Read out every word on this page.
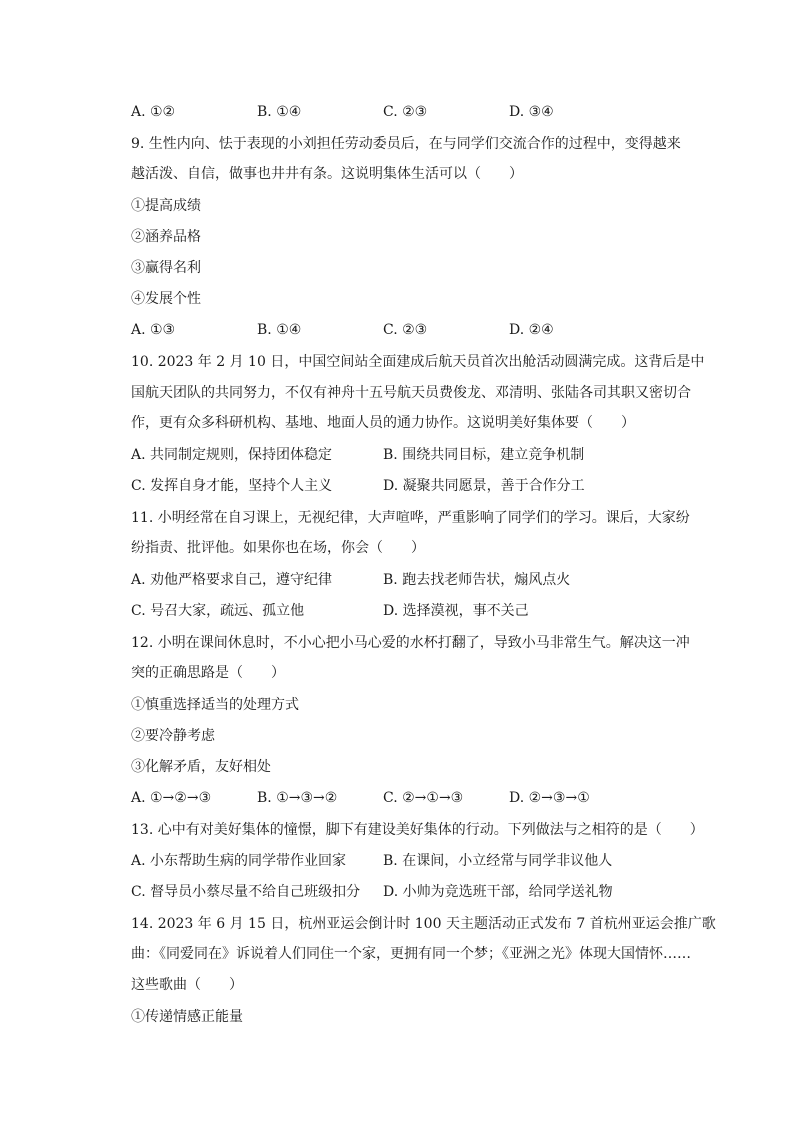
A. ①②	B. ①④	C. ②③	D. ③④
9. 生性内向、怯于表现的小刘担任劳动委员后，在与同学们交流合作的过程中，变得越来
越活泼、自信，做事也井井有条。这说明集体生活可以（　　）
①提高成绩
②涵养品格
③赢得名利
④发展个性
A. ①③	B. ①④	C. ②③	D. ②④
10. 2023 年 2 月 10 日，中国空间站全面建成后航天员首次出舱活动圆满完成。这背后是中
国航天团队的共同努力，不仅有神舟十五号航天员费俊龙、邓清明、张陆各司其职又密切合
作，更有众多科研机构、基地、地面人员的通力协作。这说明美好集体要（　　）
A. 共同制定规则，保持团体稳定	B. 围绕共同目标，建立竞争机制
C. 发挥自身才能，坚持个人主义	D. 凝聚共同愿景，善于合作分工
11. 小明经常在自习课上，无视纪律，大声喧哗，严重影响了同学们的学习。课后，大家纷
纷指责、批评他。如果你也在场，你会（　　）
A. 劝他严格要求自己，遵守纪律	B. 跑去找老师告状，煽风点火
C. 号召大家，疏远、孤立他	D. 选择漠视，事不关己
12. 小明在课间休息时，不小心把小马心爱的水杯打翻了，导致小马非常生气。解决这一冲
突的正确思路是（　　）
①慎重选择适当的处理方式
②要冷静考虑
③化解矛盾，友好相处
A. ①→②→③	B. ①→③→②	C. ②→①→③	D. ②→③→①
13. 心中有对美好集体的憧憬，脚下有建设美好集体的行动。下列做法与之相符的是（　　）
A. 小东帮助生病的同学带作业回家	B. 在课间，小立经常与同学非议他人
C. 督导员小蔡尽量不给自己班级扣分 D. 小帅为竞选班干部，给同学送礼物
14. 2023 年 6 月 15 日，杭州亚运会倒计时 100 天主题活动正式发布 7 首杭州亚运会推广歌
曲：《同爱同在》诉说着人们同住一个家，更拥有同一个梦；《亚洲之光》体现大国情怀……
这些歌曲（　　）
①传递情感正能量
